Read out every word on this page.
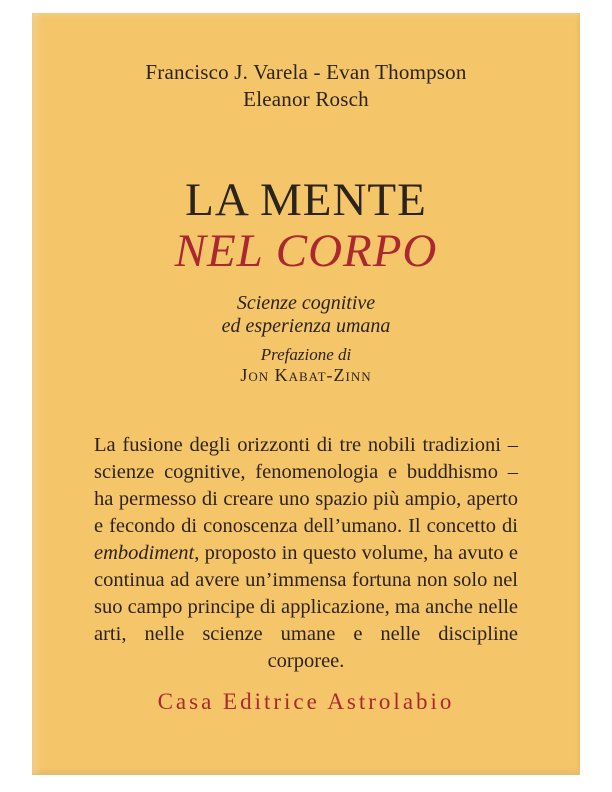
Francisco J. Varela - Evan Thompson
Eleanor Rosch
LA MENTE
NEL CORPO
Scienze cognitive
ed esperienza umana
Prefazione di
Jon Kabat-Zinn
La fusione degli orizzonti di tre nobili tradizioni – scienze cognitive, fenomenologia e buddhismo – ha permesso di creare uno spazio più ampio, aperto e fecondo di conoscenza dell’umano. Il concetto di embodiment, proposto in questo volume, ha avuto e continua ad avere un’immensa fortuna non solo nel suo campo principe di applicazione, ma anche nelle arti, nelle scienze umane e nelle discipline corporee.
Casa Editrice Astrolabio
